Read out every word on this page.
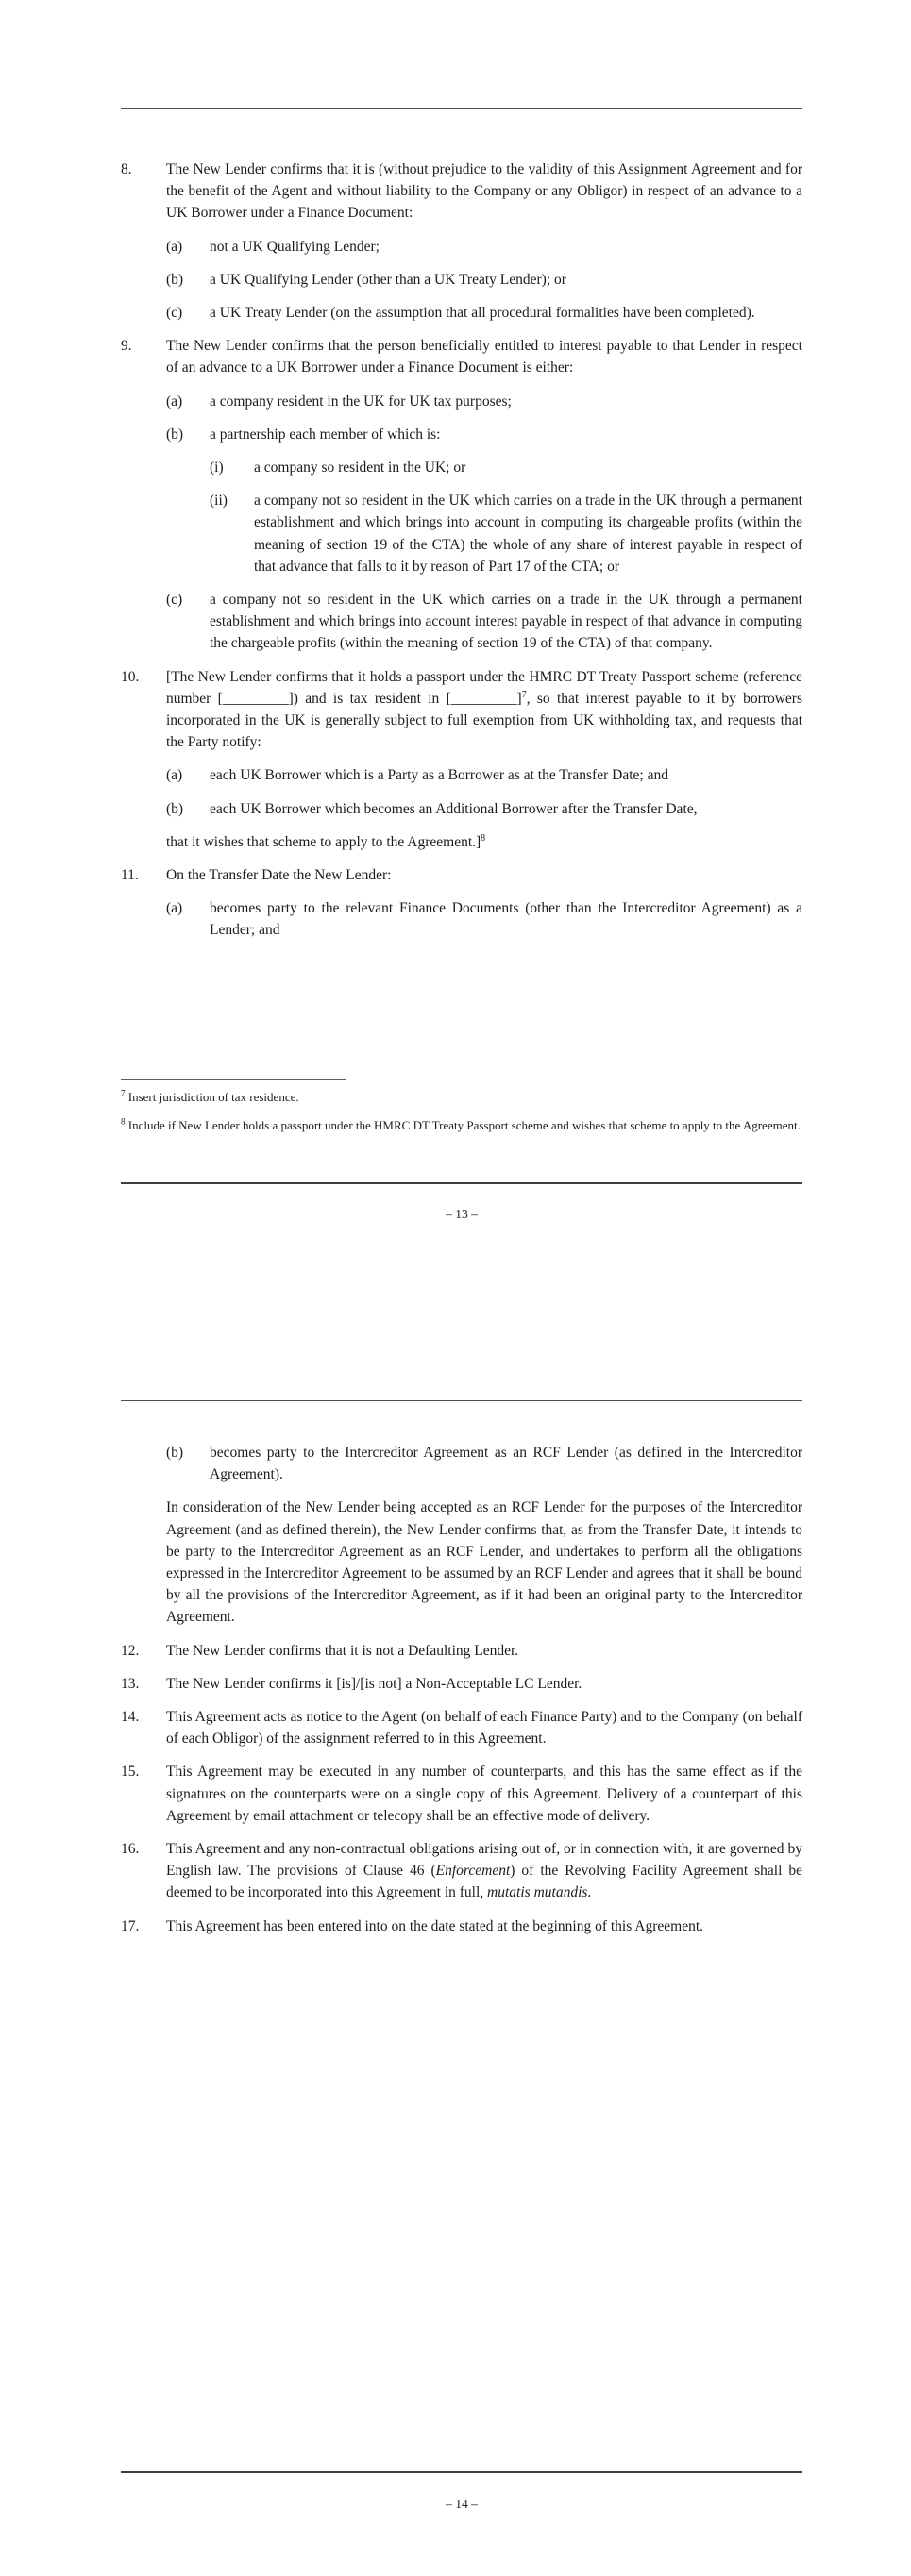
8.	The New Lender confirms that it is (without prejudice to the validity of this Assignment Agreement and for the benefit of the Agent and without liability to the Company or any Obligor) in respect of an advance to a UK Borrower under a Finance Document:
(a)	not a UK Qualifying Lender;
(b)	a UK Qualifying Lender (other than a UK Treaty Lender); or
(c)	a UK Treaty Lender (on the assumption that all procedural formalities have been completed).
9.	The New Lender confirms that the person beneficially entitled to interest payable to that Lender in respect of an advance to a UK Borrower under a Finance Document is either:
(a)	a company resident in the UK for UK tax purposes;
(b)	a partnership each member of which is:
(i)	a company so resident in the UK; or
(ii)	a company not so resident in the UK which carries on a trade in the UK through a permanent establishment and which brings into account in computing its chargeable profits (within the meaning of section 19 of the CTA) the whole of any share of interest payable in respect of that advance that falls to it by reason of Part 17 of the CTA; or
(c)	a company not so resident in the UK which carries on a trade in the UK through a permanent establishment and which brings into account interest payable in respect of that advance in computing the chargeable profits (within the meaning of section 19 of the CTA) of that company.
10.	[The New Lender confirms that it holds a passport under the HMRC DT Treaty Passport scheme (reference number [_________]) and is tax resident in [_________]$^7$, so that interest payable to it by borrowers incorporated in the UK is generally subject to full exemption from UK withholding tax, and requests that the Party notify:
(a)	each UK Borrower which is a Party as a Borrower as at the Transfer Date; and
(b)	each UK Borrower which becomes an Additional Borrower after the Transfer Date,
that it wishes that scheme to apply to the Agreement.]$^8$
11.	On the Transfer Date the New Lender:
(a)	becomes party to the relevant Finance Documents (other than the Intercreditor Agreement) as a Lender; and
$^7$ Insert jurisdiction of tax residence.
$^8$ Include if New Lender holds a passport under the HMRC DT Treaty Passport scheme and wishes that scheme to apply to the Agreement.
– 13 –
(b)	becomes party to the Intercreditor Agreement as an RCF Lender (as defined in the Intercreditor Agreement).
In consideration of the New Lender being accepted as an RCF Lender for the purposes of the Intercreditor Agreement (and as defined therein), the New Lender confirms that, as from the Transfer Date, it intends to be party to the Intercreditor Agreement as an RCF Lender, and undertakes to perform all the obligations expressed in the Intercreditor Agreement to be assumed by an RCF Lender and agrees that it shall be bound by all the provisions of the Intercreditor Agreement, as if it had been an original party to the Intercreditor Agreement.
12.	The New Lender confirms that it is not a Defaulting Lender.
13.	The New Lender confirms it [is]/[is not] a Non-Acceptable LC Lender.
14.	This Agreement acts as notice to the Agent (on behalf of each Finance Party) and to the Company (on behalf of each Obligor) of the assignment referred to in this Agreement.
15.	This Agreement may be executed in any number of counterparts, and this has the same effect as if the signatures on the counterparts were on a single copy of this Agreement. Delivery of a counterpart of this Agreement by email attachment or telecopy shall be an effective mode of delivery.
16.	This Agreement and any non-contractual obligations arising out of, or in connection with, it are governed by English law. The provisions of Clause 46 (Enforcement) of the Revolving Facility Agreement shall be deemed to be incorporated into this Agreement in full, mutatis mutandis.
17.	This Agreement has been entered into on the date stated at the beginning of this Agreement.
– 14 –
